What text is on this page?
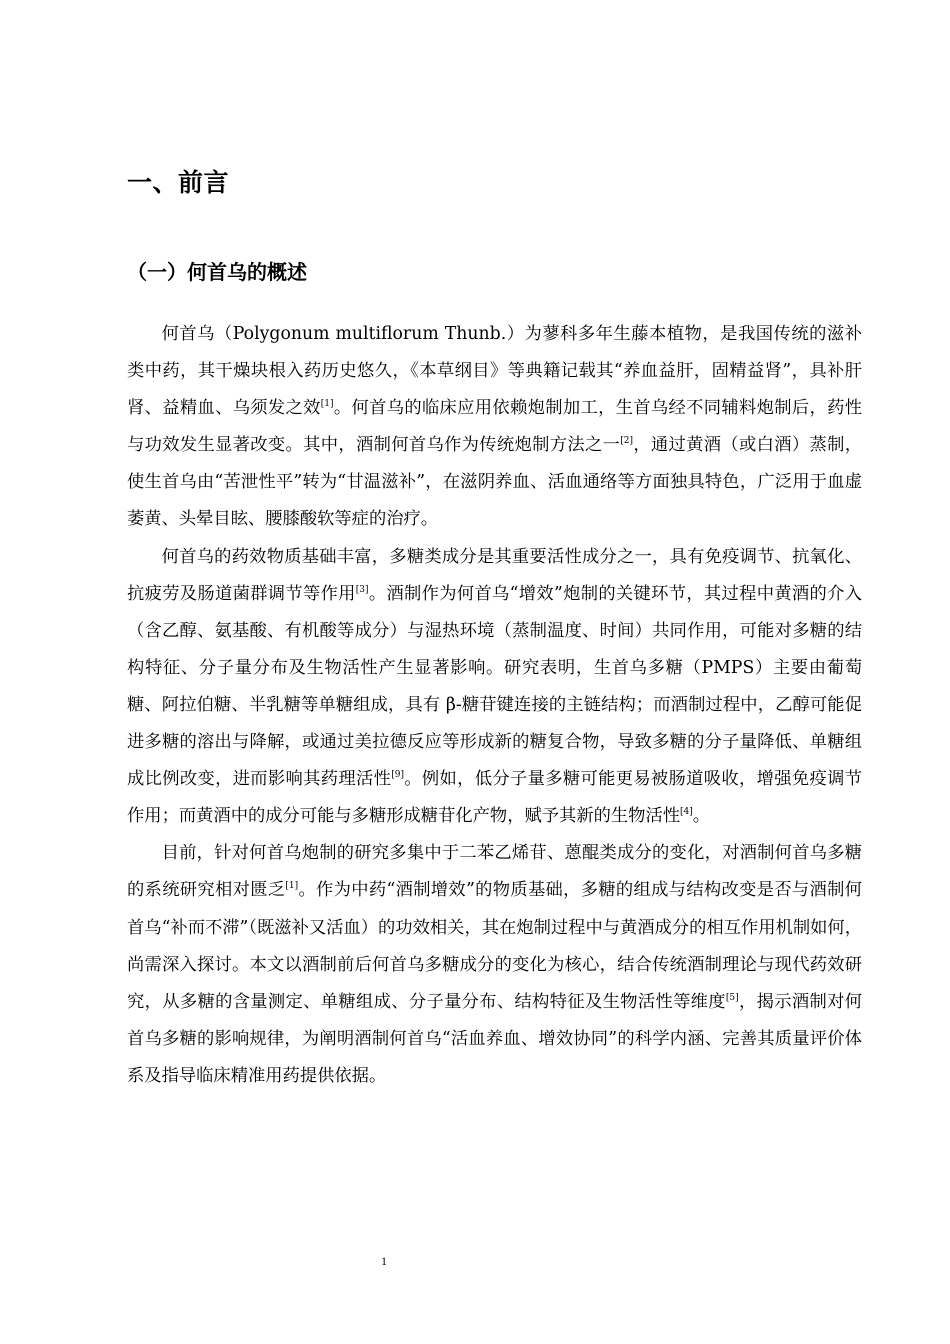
一、前言
（一）何首乌的概述

何首乌（Polygonum multiflorum Thunb.）为蓼科多年生藤本植物，是我国传统的滋补类中药，其干燥块根入药历史悠久，《本草纲目》等典籍记载其“养血益肝，固精益肾”，具补肝肾、益精血、乌须发之效[1]。何首乌的临床应用依赖炮制加工，生首乌经不同辅料炮制后，药性与功效发生显著改变。其中，酒制何首乌作为传统炮制方法之一[2]，通过黄酒（或白酒）蒸制，使生首乌由“苦泄性平”转为“甘温滋补”，在滋阴养血、活血通络等方面独具特色，广泛用于血虚萎黄、头晕目眩、腰膝酸软等症的治疗。

何首乌的药效物质基础丰富，多糖类成分是其重要活性成分之一，具有免疫调节、抗氧化、抗疲劳及肠道菌群调节等作用[3]。酒制作为何首乌“增效”炮制的关键环节，其过程中黄酒的介入（含乙醇、氨基酸、有机酸等成分）与湿热环境（蒸制温度、时间）共同作用，可能对多糖的结构特征、分子量分布及生物活性产生显著影响。研究表明，生首乌多糖（PMPS）主要由葡萄糖、阿拉伯糖、半乳糖等单糖组成，具有 β-糖苷键连接的主链结构；而酒制过程中，乙醇可能促进多糖的溶出与降解，或通过美拉德反应等形成新的糖复合物，导致多糖的分子量降低、单糖组成比例改变，进而影响其药理活性[9]。例如，低分子量多糖可能更易被肠道吸收，增强免疫调节作用；而黄酒中的成分可能与多糖形成糖苷化产物，赋予其新的生物活性[4]。

目前，针对何首乌炮制的研究多集中于二苯乙烯苷、蒽醌类成分的变化，对酒制何首乌多糖的系统研究相对匮乏[1]。作为中药“酒制增效”的物质基础，多糖的组成与结构改变是否与酒制何首乌“补而不滞”（既滋补又活血）的功效相关，其在炮制过程中与黄酒成分的相互作用机制如何，尚需深入探讨。本文以酒制前后何首乌多糖成分的变化为核心，结合传统酒制理论与现代药效研究，从多糖的含量测定、单糖组成、分子量分布、结构特征及生物活性等维度[5]，揭示酒制对何首乌多糖的影响规律，为阐明酒制何首乌“活血养血、增效协同”的科学内涵、完善其质量评价体系及指导临床精准用药提供依据。

1
